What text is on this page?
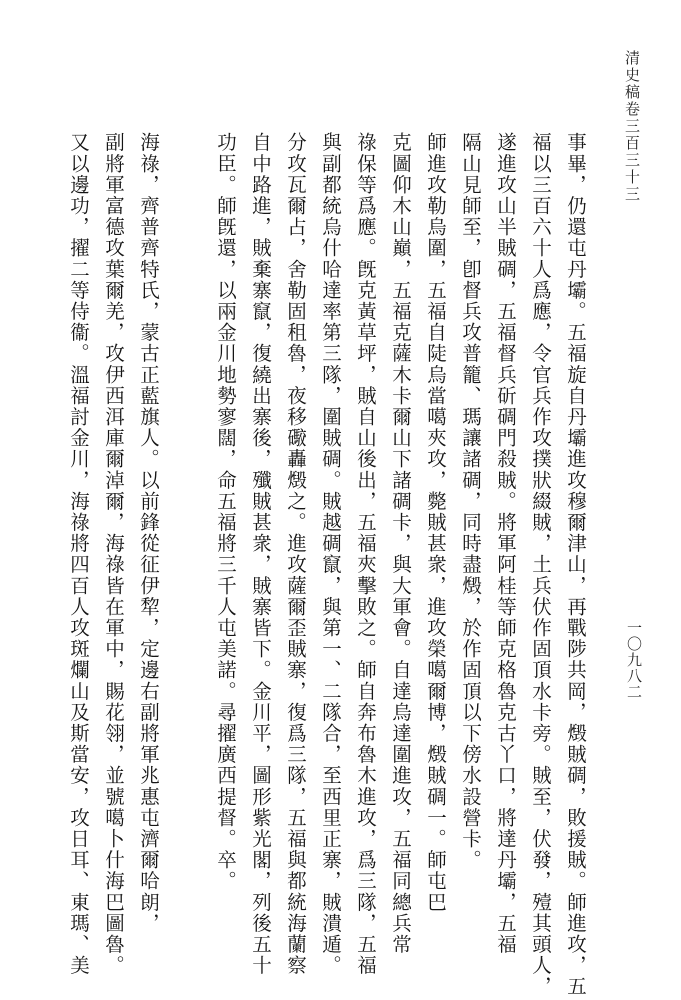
清史稿卷三百三十三
一〇九八二

事畢，仍還屯丹壩。五福旋自丹壩進攻穆爾津山，再戰陟共岡，燬賊碉，敗援賊。師進攻，五

福以三百六十人爲應，令官兵作攻撲狀綴賊，土兵伏作固頂水卡旁。賊至，伏發，殪其頭人，

遂進攻山半賊碉，五福督兵斫碉門殺賊。將軍阿桂等師克格魯克古丫口，將達丹壩，五福

隔山見師至，卽督兵攻普籠、瑪讓諸碉，同時盡燬，於作固頂以下傍水設營卡。

師進攻勒烏圍，五福自陡烏當噶夾攻，斃賊甚衆，進攻榮噶爾博，燬賊碉一。師屯巴

克圖仰木山巔，五福克薩木卡爾山下諸碉卡，與大軍會。自達烏達圍進攻，五福同總兵常

祿保等爲應。旣克黃草坪，賊自山後出，五福夾擊敗之。師自奔布魯木進攻，爲三隊，五福

與副都統烏什哈達率第三隊，圍賊碉。賊越碉竄，與第一、二隊合，至西里正寨，賊潰遁。

分攻瓦爾占，舍勒固租魯，夜移礮轟燬之。進攻薩爾歪賊寨，復爲三隊，五福與都統海蘭察

自中路進，賊棄寨竄，復繞出寨後，殲賊甚衆，賊寨皆下。金川平，圖形紫光閣，列後五十

功臣。師旣還，以兩金川地勢寥闊，命五福將三千人屯美諾。尋擢廣西提督。卒。

海祿，齊普齊特氏，蒙古正藍旗人。以前鋒從征伊犂，定邊右副將軍兆惠屯濟爾哈朗，

副將軍富德攻葉爾羌，攻伊西洱庫爾淖爾，海祿皆在軍中，賜花翎，並號噶卜什海巴圖魯。

又以邊功，擢二等侍衞。溫福討金川，海祿將四百人攻斑爛山及斯當安，攻日耳、東瑪、美
